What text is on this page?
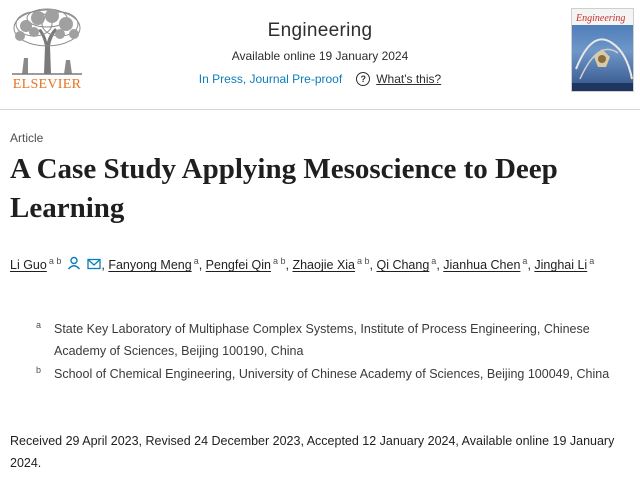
ELSEVIER
Engineering
Available online 19 January 2024
In Press, Journal Pre-proof	? What's this?
Engineering
Article
A Case Study Applying Mesoscience to Deep Learning
Li Guo $^{a b}$	, Fanyong Meng $^a$, Pengfei Qin $^{a b}$, Zhaojie Xia $^{a b}$, Qi Chang $^a$, Jianhua Chen $^a$, Jinghai Li $^a$
a	State Key Laboratory of Multiphase Complex Systems, Institute of Process Engineering, Chinese Academy of Sciences, Beijing 100190, China
b	School of Chemical Engineering, University of Chinese Academy of Sciences, Beijing 100049, China
Received 29 April 2023, Revised 24 December 2023, Accepted 12 January 2024, Available online 19 January 2024.
